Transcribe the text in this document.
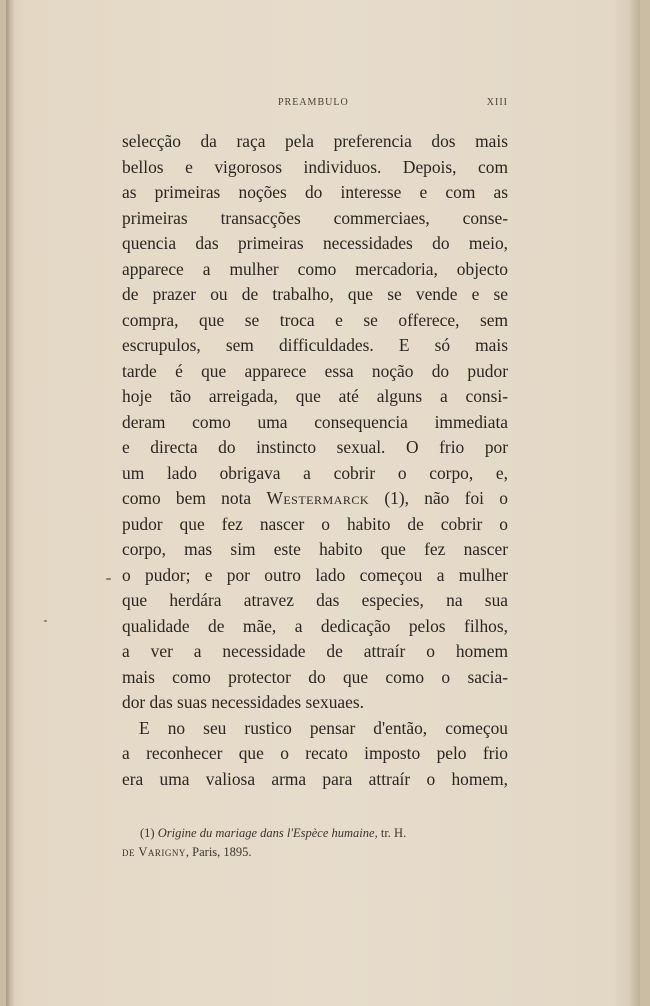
PREAMBULO	XIII
selecção da raça pela preferencia dos mais
bellos e vigorosos individuos. Depois, com
as primeiras noções do interesse e com as
primeiras transacções commerciaes, conse-
quencia das primeiras necessidades do meio,
apparece a mulher como mercadoria, objecto
de prazer ou de trabalho, que se vende e se
compra, que se troca e se offerece, sem
escrupulos, sem difficuldades. E só mais
tarde é que apparece essa noção do pudor
hoje tão arreigada, que até alguns a consi-
deram como uma consequencia immediata
e directa do instincto sexual. O frio por
um lado obrigava a cobrir o corpo, e,
como bem nota Westermarck (1), não foi o
pudor que fez nascer o habito de cobrir o
corpo, mas sim este habito que fez nascer
o pudor; e por outro lado começou a mulher
que herdára atravez das especies, na sua
qualidade de mãe, a dedicação pelos filhos,
a ver a necessidade de attraír o homem
mais como protector do que como o sacia-
dor das suas necessidades sexuaes.
E no seu rustico pensar d'então, começou
a reconhecer que o recato imposto pelo frio
era uma valiosa arma para attraír o homem,
(1) Origine du mariage dans l'Espèce humaine, tr. H.
de Varigny, Paris, 1895.
